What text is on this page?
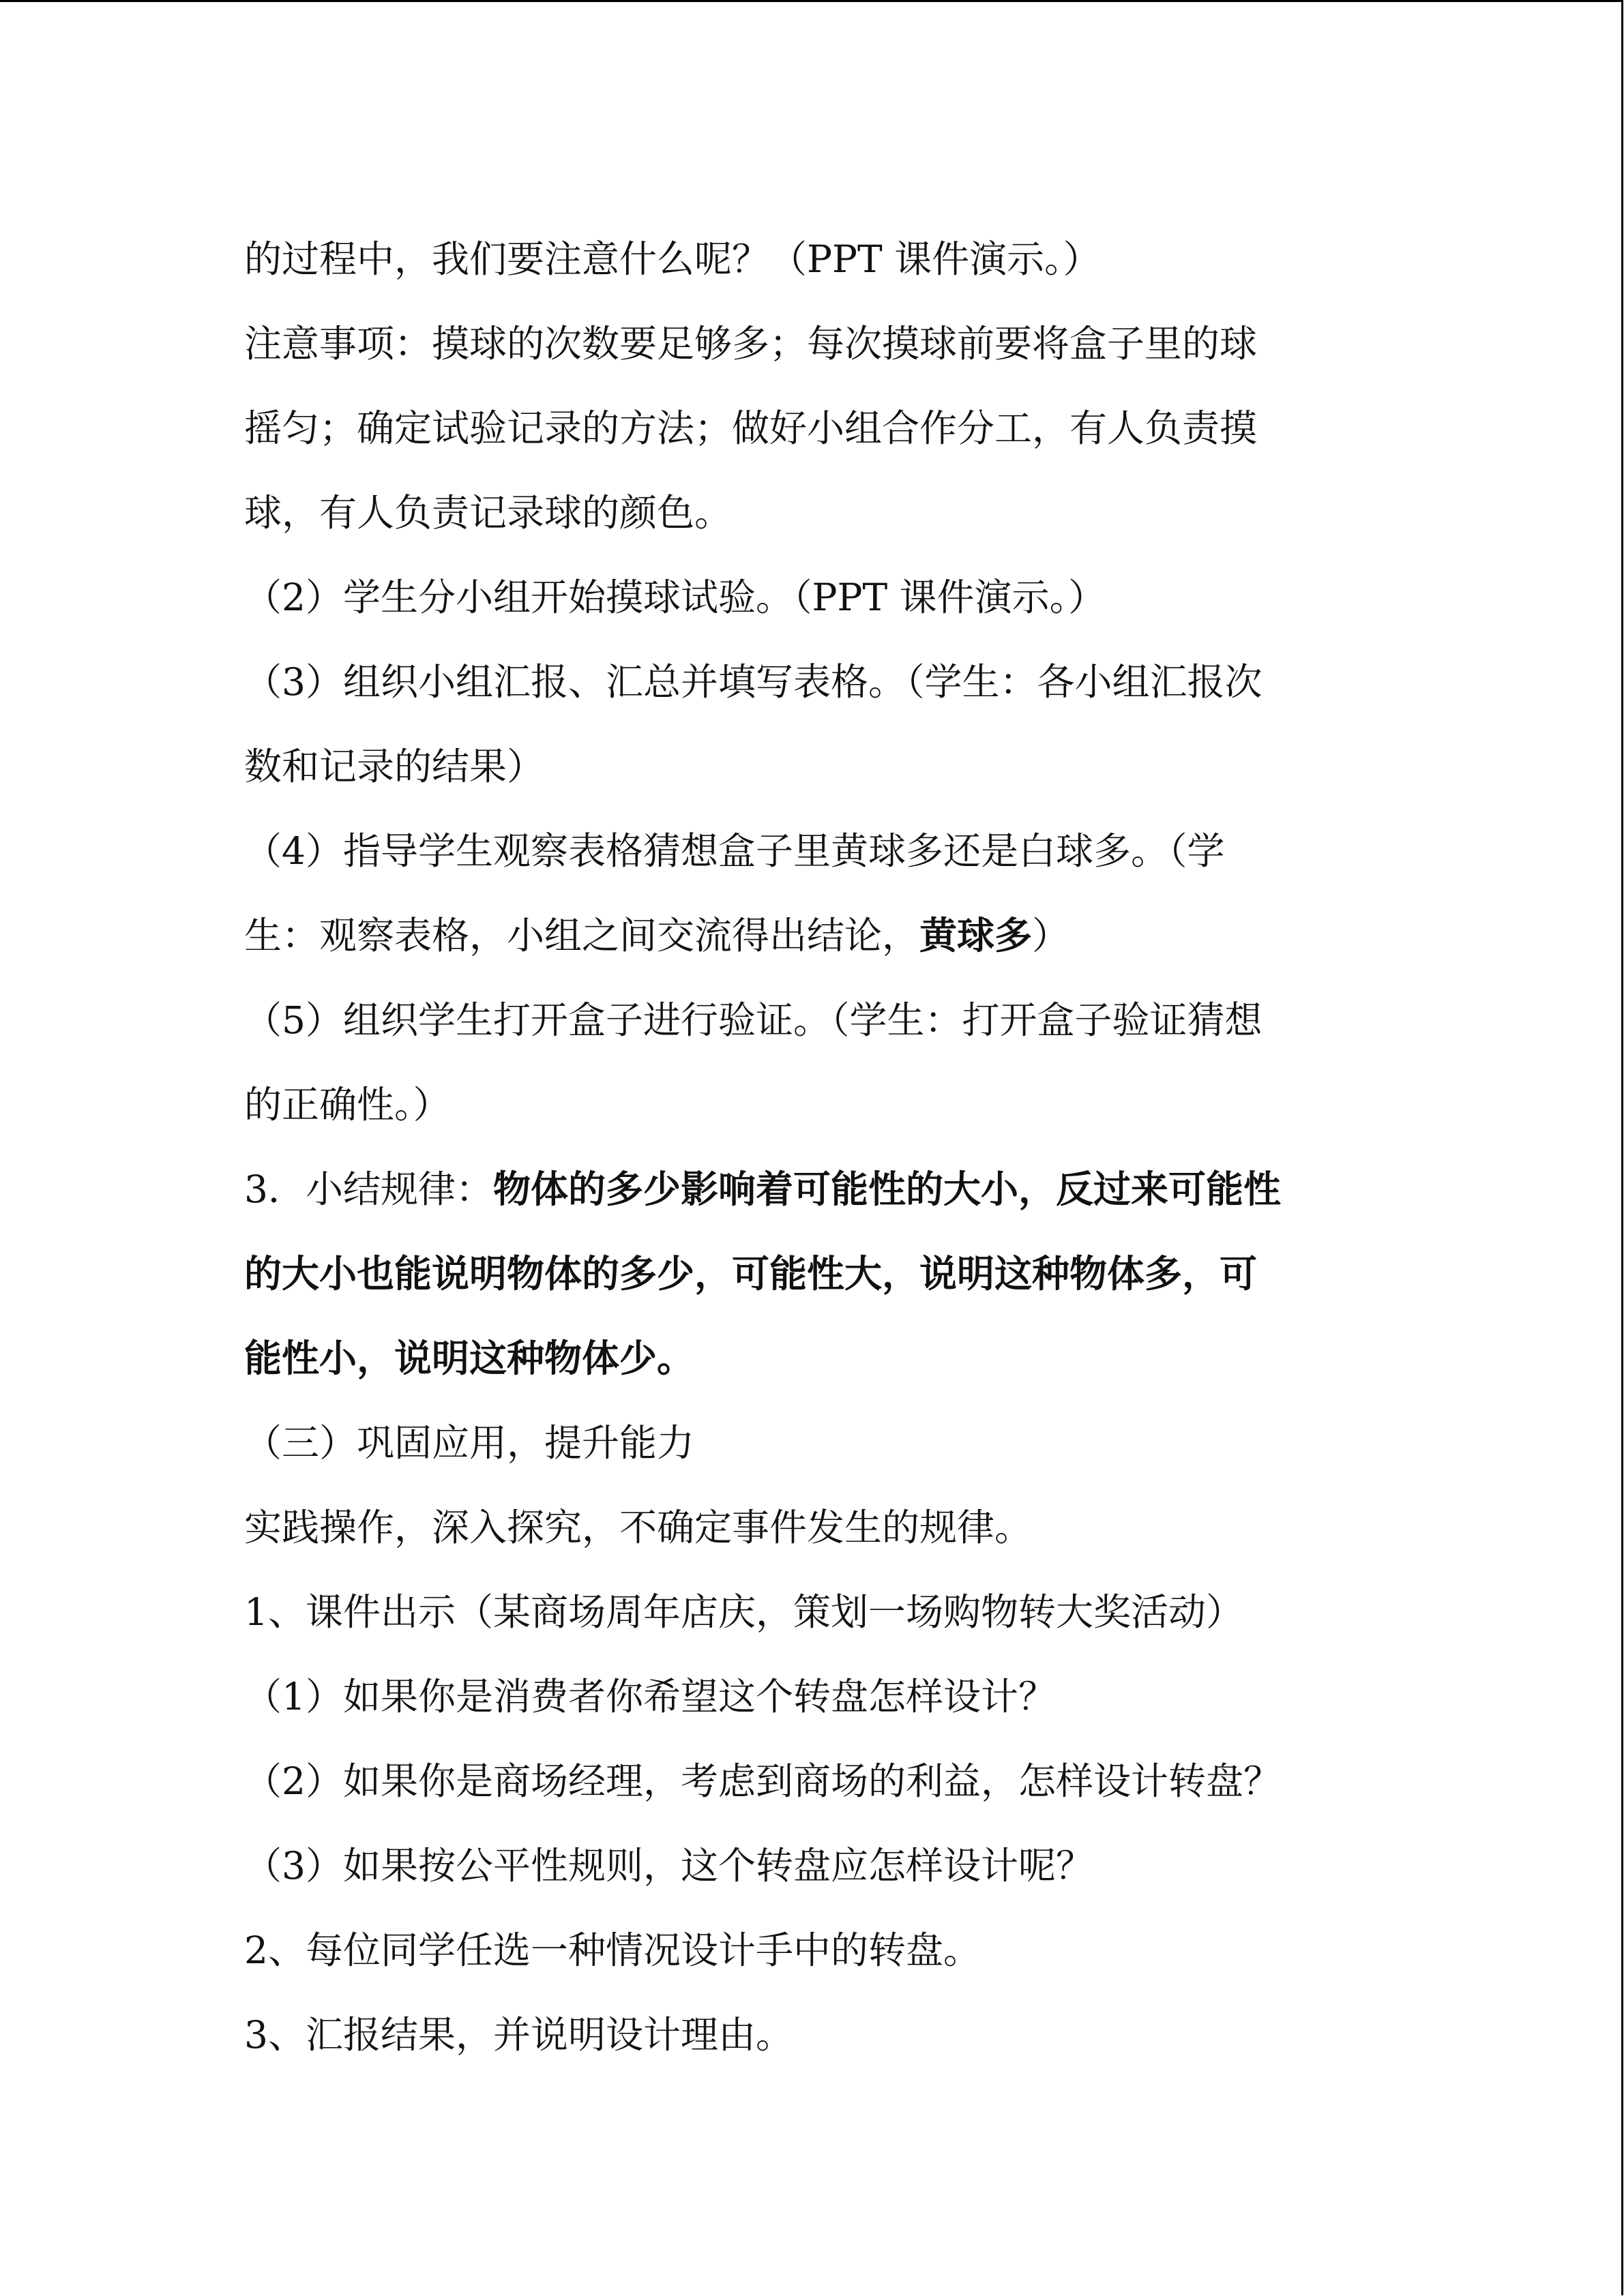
的过程中，我们要注意什么呢？（PPT 课件演示。）
注意事项：摸球的次数要足够多；每次摸球前要将盒子里的球
摇匀；确定试验记录的方法；做好小组合作分工，有人负责摸
球，有人负责记录球的颜色。
（2）学生分小组开始摸球试验。（PPT 课件演示。）
（3）组织小组汇报、汇总并填写表格。（学生：各小组汇报次
数和记录的结果）
（4）指导学生观察表格猜想盒子里黄球多还是白球多。（学
生：观察表格，小组之间交流得出结论，黄球多）
（5）组织学生打开盒子进行验证。（学生：打开盒子验证猜想
的正确性。）
3．小结规律：物体的多少影响着可能性的大小，反过来可能性
的大小也能说明物体的多少，可能性大，说明这种物体多，可
能性小，说明这种物体少。
（三）巩固应用，提升能力
实践操作，深入探究，不确定事件发生的规律。
1、课件出示（某商场周年店庆，策划一场购物转大奖活动）
（1）如果你是消费者你希望这个转盘怎样设计？
（2）如果你是商场经理，考虑到商场的利益，怎样设计转盘？
（3）如果按公平性规则，这个转盘应怎样设计呢？
2、每位同学任选一种情况设计手中的转盘。
3、汇报结果，并说明设计理由。
